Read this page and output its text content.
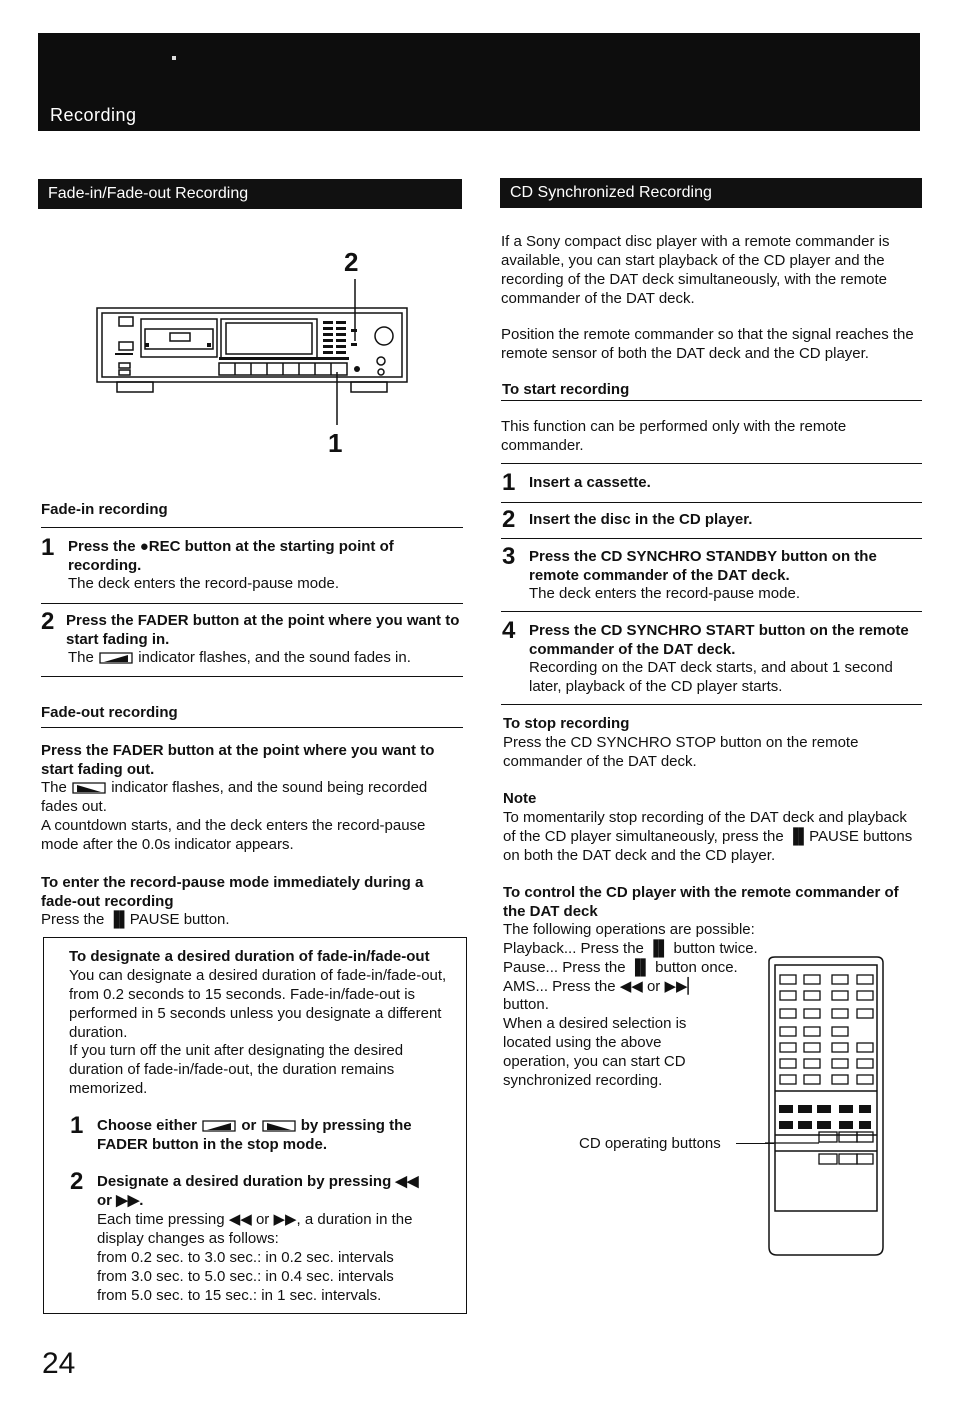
Recording
Fade-in/Fade-out Recording
2
1
Fade-in recording
1 Press the ●REC button at the starting point of recording.
The deck enters the record-pause mode.
2 Press the FADER button at the point where you want to start fading in.
The	indicator flashes, and the sound fades in.
Fade-out recording
Press the FADER button at the point where you want to start fading out.
The	indicator flashes, and the sound being recorded fades out.
A countdown starts, and the deck enters the record-pause mode after the 0.0s indicator appears.
To enter the record-pause mode immediately during a fade-out recording
Press the ▐▌PAUSE button.
To designate a desired duration of fade-in/fade-out
You can designate a desired duration of fade-in/fade-out, from 0.2 seconds to 15 seconds. Fade-in/fade-out is performed in 5 seconds unless you designate a different duration.
If you turn off the unit after designating the desired duration of fade-in/fade-out, the duration remains memorized.
1 Choose either	or	by pressing the FADER button in the stop mode.
2 Designate a desired duration by pressing ◀◀ or ▶▶.
Each time pressing ◀◀ or ▶▶, a duration in the display changes as follows:
from 0.2 sec. to 3.0 sec.: in 0.2 sec. intervals
from 3.0 sec. to 5.0 sec.: in 0.4 sec. intervals
from 5.0 sec. to 15 sec.: in 1 sec. intervals.
24
CD Synchronized Recording
If a Sony compact disc player with a remote commander is available, you can start playback of the CD player and the recording of the DAT deck simultaneously, with the remote commander of the DAT deck.
Position the remote commander so that the signal reaches the remote sensor of both the DAT deck and the CD player.
To start recording
This function can be performed only with the remote commander.
1 Insert a cassette.
2 Insert the disc in the CD player.
3 Press the CD SYNCHRO STANDBY button on the remote commander of the DAT deck.
The deck enters the record-pause mode.
4 Press the CD SYNCHRO START button on the remote commander of the DAT deck.
Recording on the DAT deck starts, and about 1 second later, playback of the CD player starts.
To stop recording
Press the CD SYNCHRO STOP button on the remote commander of the DAT deck.
Note
To momentarily stop recording of the DAT deck and playback of the CD player simultaneously, press the ▐▌PAUSE buttons on both the DAT deck and the CD player.
To control the CD player with the remote commander of the DAT deck
The following operations are possible:
Playback... Press the ▐▌ button twice.
Pause... Press the ▐▌ button once.
AMS... Press the ◀◀ or ▶▶▏
button.
When a desired selection is
located using the above
operation, you can start CD
synchronized recording.
CD operating buttons
